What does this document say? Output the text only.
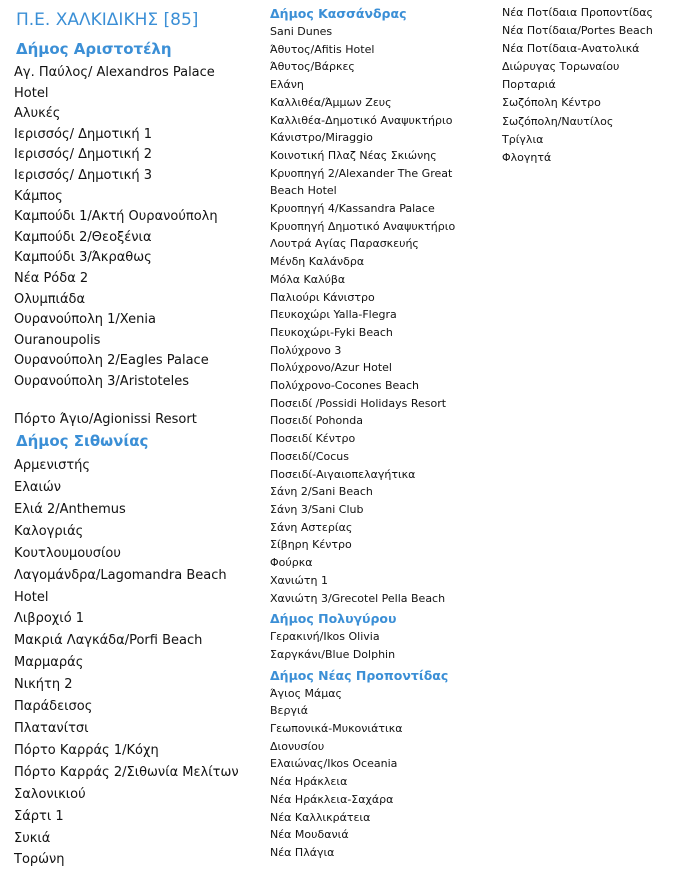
Π.Ε. ΧΑΛΚΙΔΙΚΗΣ [85]
Δήμος Αριστοτέλη
Αγ. Παύλος/ Alexandros Palace
Hotel
Αλυκές
Ιερισσός/ Δημοτική 1
Ιερισσός/ Δημοτική 2
Ιερισσός/ Δημοτική 3
Κάμπος
Καμπούδι 1/Ακτή Ουρανούπολη
Καμπούδι 2/Θεοξένια
Καμπούδι 3/Άκραθως
Νέα Ρόδα 2
Ολυμπιάδα
Ουρανούπολη 1/Xenia
Ouranoupolis
Ουρανούπολη 2/Eagles Palace
Ουρανούπολη 3/Aristoteles
Πόρτο Άγιο/Agionissi Resort
Δήμος Σιθωνίας
Αρμενιστής
Ελαιών
Ελιά 2/Anthemus
Καλογριάς
Κουτλουμουσίου
Λαγομάνδρα/Lagomandra Beach
Hotel
Λιβροχιό 1
Μακριά Λαγκάδα/Porfi Beach
Μαρμαράς
Νικήτη 2
Παράδεισος
Πλατανίτσι
Πόρτο Καρράς 1/Κόχη
Πόρτο Καρράς 2/Σιθωνία Μελίτων
Σαλονικιού
Σάρτι 1
Συκιά
Τορώνη
Δήμος Κασσάνδρας
Sani Dunes
Άθυτος/Afitis Hotel
Άθυτος/Βάρκες
Ελάνη
Καλλιθέα/Άμμων Ζευς
Καλλιθέα-Δημοτικό Αναψυκτήριο
Κάνιστρο/Miraggio
Κοινοτική Πλαζ Νέας Σκιώνης
Κρυοπηγή 2/Alexander The Great
Beach Hotel
Κρυοπηγή 4/Kassandra Palace
Κρυοπηγή Δημοτικό Αναψυκτήριο
Λουτρά Αγίας Παρασκευής
Μένδη Καλάνδρα
Μόλα Καλύβα
Παλιούρι Κάνιστρο
Πευκοχώρι Yalla-Flegra
Πευκοχώρι-Fyki Beach
Πολύχρονο 3
Πολύχρονο/Azur Hotel
Πολύχρονο-Cocones Beach
Ποσειδί /Possidi Holidays Resort
Ποσειδί Pohonda
Ποσειδί Κέντρο
Ποσειδί/Cocus
Ποσειδί-Αιγαιοπελαγήτικα
Σάνη 2/Sani Beach
Σάνη 3/Sani Club
Σάνη Αστερίας
Σίβηρη Κέντρο
Φούρκα
Χανιώτη 1
Χανιώτη 3/Grecotel Pella Beach
Δήμος Πολυγύρου
Γερακινή/Ikos Olivia
Σαργκάνι/Blue Dolphin
Δήμος Νέας Προποντίδας
Άγιος Μάμας
Βεργιά
Γεωπονικά-Μυκονιάτικα
Διονυσίου
Ελαιώνας/Ikos Oceania
Νέα Ηράκλεια
Νέα Ηράκλεια-Σαχάρα
Νέα Καλλικράτεια
Νέα Μουδανιά
Νέα Πλάγια
Νέα Ποτίδαια Προποντίδας
Νέα Ποτίδαια/Portes Beach
Νέα Ποτίδαια-Ανατολικά
Διώρυγας Τορωναίου
Πορταριά
Σωζόπολη Κέντρο
Σωζόπολη/Ναυτίλος
Τρίγλια
Φλογητά
